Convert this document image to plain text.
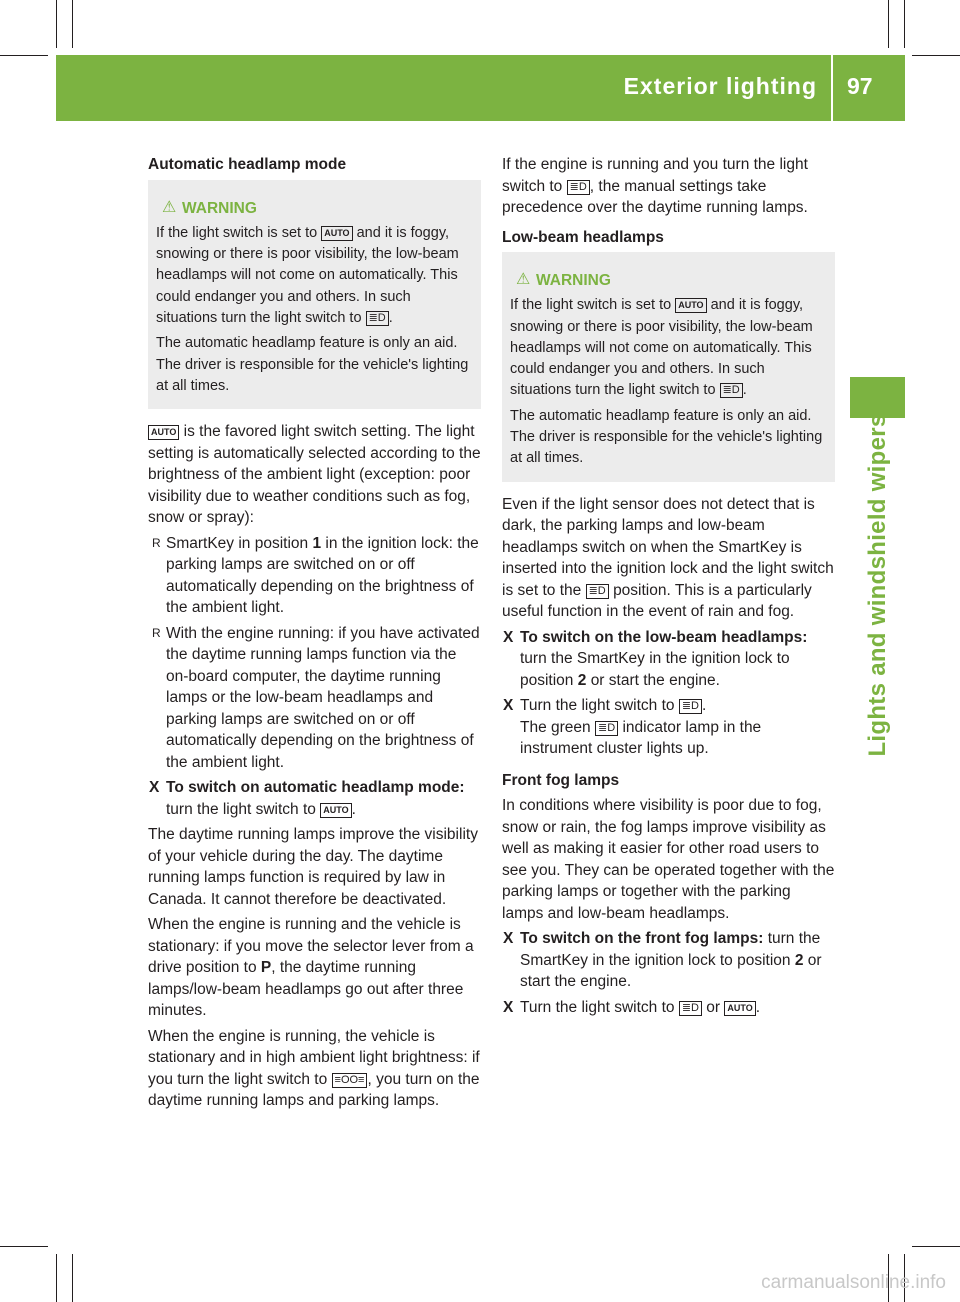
Exterior lighting 97
Lights and windshield wipers

Automatic headlamp mode

⚠ WARNING

If the light switch is set to AUTO and it is foggy, snowing or there is poor visibility, the low-beam headlamps will not come on automatically. This could endanger you and others. In such situations turn the light switch to ≣D .

The automatic headlamp feature is only an aid. The driver is responsible for the vehicle's lighting at all times.

AUTO is the favored light switch setting. The light setting is automatically selected according to the brightness of the ambient light (exception: poor visibility due to weather conditions such as fog, snow or spray):

R SmartKey in position 1 in the ignition lock: the parking lamps are switched on or off automatically depending on the brightness of the ambient light.

R With the engine running: if you have activated the daytime running lamps function via the on-board computer, the daytime running lamps or the low-beam headlamps and parking lamps are switched on or off automatically depending on the brightness of the ambient light.

X To switch on automatic headlamp mode: turn the light switch to AUTO .

The daytime running lamps improve the visibility of your vehicle during the day. The daytime running lamps function is required by law in Canada. It cannot therefore be deactivated.

When the engine is running and the vehicle is stationary: if you move the selector lever from a drive position to P, the daytime running lamps/low-beam headlamps go out after three minutes.

When the engine is running, the vehicle is stationary and in high ambient light brightness: if you turn the light switch to ≡OO≡ , you turn on the daytime running lamps and parking lamps.

If the engine is running and you turn the light switch to ≣D , the manual settings take precedence over the daytime running lamps.

Low-beam headlamps

⚠ WARNING

If the light switch is set to AUTO and it is foggy, snowing or there is poor visibility, the low-beam headlamps will not come on automatically. This could endanger you and others. In such situations turn the light switch to ≣D .

The automatic headlamp feature is only an aid. The driver is responsible for the vehicle's lighting at all times.

Even if the light sensor does not detect that is dark, the parking lamps and low-beam headlamps switch on when the SmartKey is inserted into the ignition lock and the light switch is set to the ≣D position. This is a particularly useful function in the event of rain and fog.

X To switch on the low-beam headlamps: turn the SmartKey in the ignition lock to position 2 or start the engine.

X Turn the light switch to ≣D .
The green ≣D indicator lamp in the instrument cluster lights up.

Front fog lamps

In conditions where visibility is poor due to fog, snow or rain, the fog lamps improve visibility as well as making it easier for other road users to see you. They can be operated together with the parking lamps or together with the parking lamps and low-beam headlamps.

X To switch on the front fog lamps: turn the SmartKey in the ignition lock to position 2 or start the engine.

X Turn the light switch to ≣D or AUTO .

carmanualsonline.info
